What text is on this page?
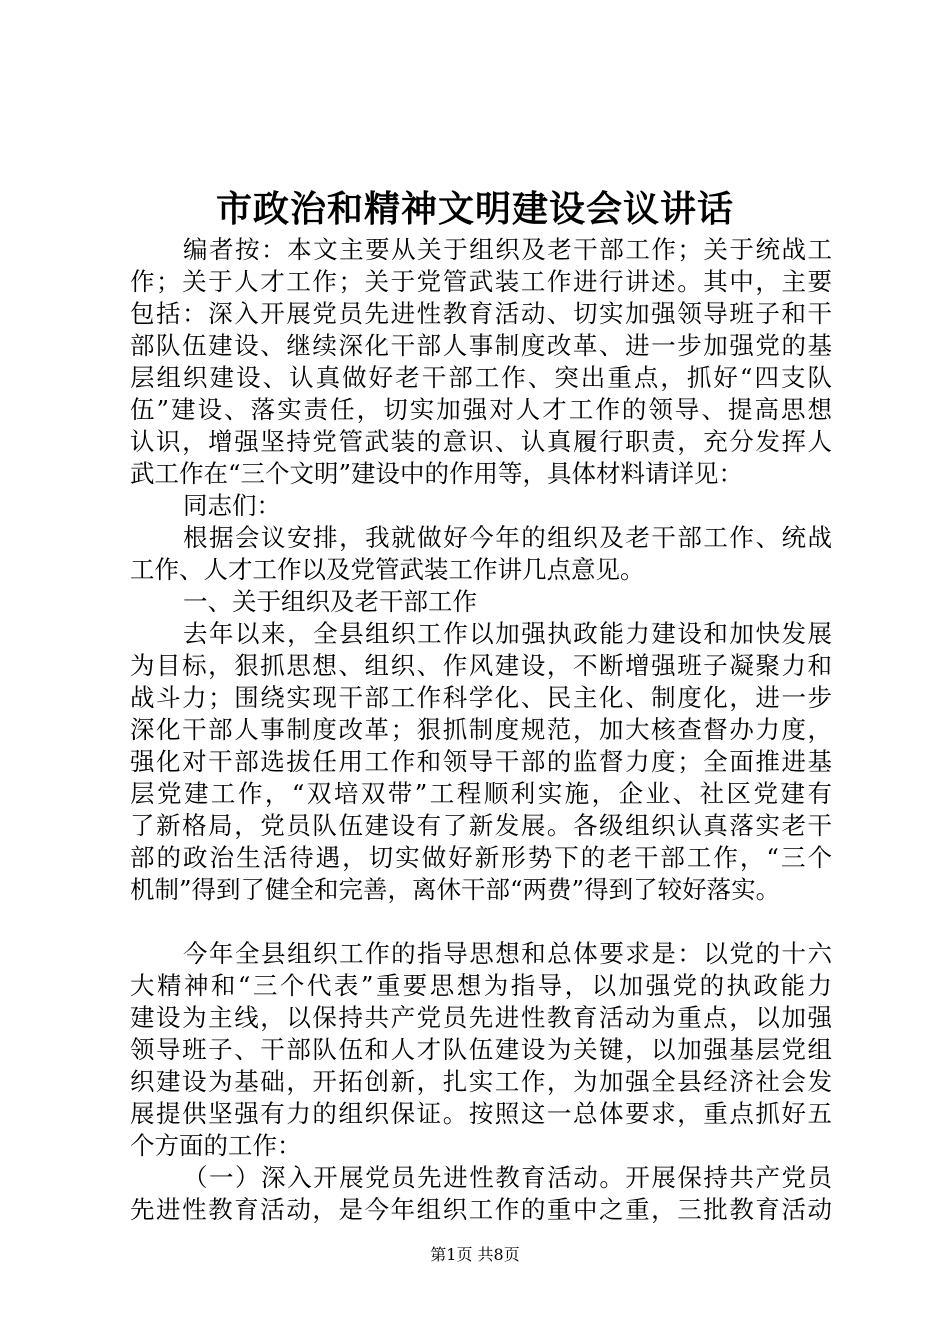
市政治和精神文明建设会议讲话
编者按：本文主要从关于组织及老干部工作；关于统战工
作；关于人才工作；关于党管武装工作进行讲述。其中，主要
包括：深入开展党员先进性教育活动、切实加强领导班子和干
部队伍建设、继续深化干部人事制度改革、进一步加强党的基
层组织建设、认真做好老干部工作、突出重点，抓好“四支队
伍”建设、落实责任，切实加强对人才工作的领导、提高思想
认识，增强坚持党管武装的意识、认真履行职责，充分发挥人
武工作在“三个文明”建设中的作用等，具体材料请详见：
同志们：
根据会议安排，我就做好今年的组织及老干部工作、统战
工作、人才工作以及党管武装工作讲几点意见。
一、关于组织及老干部工作
去年以来，全县组织工作以加强执政能力建设和加快发展
为目标，狠抓思想、组织、作风建设，不断增强班子凝聚力和
战斗力；围绕实现干部工作科学化、民主化、制度化，进一步
深化干部人事制度改革；狠抓制度规范，加大核查督办力度，
强化对干部选拔任用工作和领导干部的监督力度；全面推进基
层党建工作，“双培双带”工程顺利实施，企业、社区党建有
了新格局，党员队伍建设有了新发展。各级组织认真落实老干
部的政治生活待遇，切实做好新形势下的老干部工作，“三个
机制”得到了健全和完善，离休干部“两费”得到了较好落实。
今年全县组织工作的指导思想和总体要求是：以党的十六
大精神和“三个代表”重要思想为指导，以加强党的执政能力
建设为主线，以保持共产党员先进性教育活动为重点，以加强
领导班子、干部队伍和人才队伍建设为关键，以加强基层党组
织建设为基础，开拓创新，扎实工作，为加强全县经济社会发
展提供坚强有力的组织保证。按照这一总体要求，重点抓好五
个方面的工作：
（一）深入开展党员先进性教育活动。开展保持共产党员
先进性教育活动，是今年组织工作的重中之重，三批教育活动
第1页 共8页
